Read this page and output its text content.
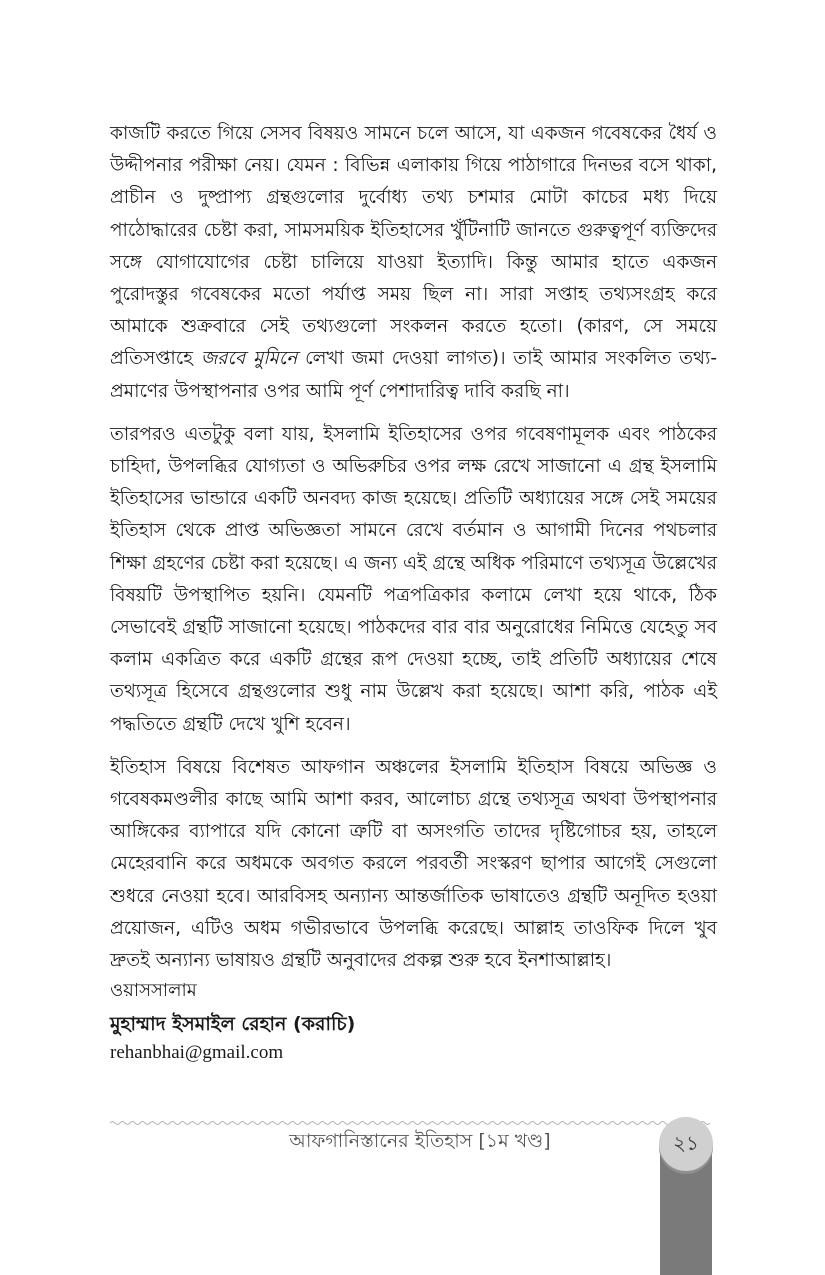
কাজটি করতে গিয়ে সেসব বিষয়ও সামনে চলে আসে, যা একজন গবেষকের ধৈর্য ও উদ্দীপনার পরীক্ষা নেয়। যেমন : বিভিন্ন এলাকায় গিয়ে পাঠাগারে দিনভর বসে থাকা, প্রাচীন ও দুষ্প্রাপ্য গ্রন্থগুলোর দুর্বোধ্য তথ্য চশমার মোটা কাচের মধ্য দিয়ে পাঠোদ্ধারের চেষ্টা করা, সামসময়িক ইতিহাসের খুঁটিনাটি জানতে গুরুত্বপূর্ণ ব্যক্তিদের সঙ্গে যোগাযোগের চেষ্টা চালিয়ে যাওয়া ইত্যাদি। কিন্তু আমার হাতে একজন পুরোদস্তুর গবেষকের মতো পর্যাপ্ত সময় ছিল না। সারা সপ্তাহ তথ্যসংগ্রহ করে আমাকে শুক্রবারে সেই তথ্যগুলো সংকলন করতে হতো। (কারণ, সে সময়ে প্রতিসপ্তাহে জরবে মুমিনে লেখা জমা দেওয়া লাগত)। তাই আমার সংকলিত তথ্য-প্রমাণের উপস্থাপনার ওপর আমি পূর্ণ পেশাদারিত্ব দাবি করছি না।

তারপরও এতটুকু বলা যায়, ইসলামি ইতিহাসের ওপর গবেষণামূলক এবং পাঠকের চাহিদা, উপলব্ধির যোগ্যতা ও অভিরুচির ওপর লক্ষ রেখে সাজানো এ গ্রন্থ ইসলামি ইতিহাসের ভান্ডারে একটি অনবদ্য কাজ হয়েছে। প্রতিটি অধ্যায়ের সঙ্গে সেই সময়ের ইতিহাস থেকে প্রাপ্ত অভিজ্ঞতা সামনে রেখে বর্তমান ও আগামী দিনের পথচলার শিক্ষা গ্রহণের চেষ্টা করা হয়েছে। এ জন্য এই গ্রন্থে অধিক পরিমাণে তথ্যসূত্র উল্লেখের বিষয়টি উপস্থাপিত হয়নি। যেমনটি পত্রপত্রিকার কলামে লেখা হয়ে থাকে, ঠিক সেভাবেই গ্রন্থটি সাজানো হয়েছে। পাঠকদের বার বার অনুরোধের নিমিত্তে যেহেতু সব কলাম একত্রিত করে একটি গ্রন্থের রূপ দেওয়া হচ্ছে, তাই প্রতিটি অধ্যায়ের শেষে তথ্যসূত্র হিসেবে গ্রন্থগুলোর শুধু নাম উল্লেখ করা হয়েছে। আশা করি, পাঠক এই পদ্ধতিতে গ্রন্থটি দেখে খুশি হবেন।

ইতিহাস বিষয়ে বিশেষত আফগান অঞ্চলের ইসলামি ইতিহাস বিষয়ে অভিজ্ঞ ও গবেষকমণ্ডলীর কাছে আমি আশা করব, আলোচ্য গ্রন্থে তথ্যসূত্র অথবা উপস্থাপনার আঙ্গিকের ব্যাপারে যদি কোনো ত্রুটি বা অসংগতি তাদের দৃষ্টিগোচর হয়, তাহলে মেহেরবানি করে অধমকে অবগত করলে পরবর্তী সংস্করণ ছাপার আগেই সেগুলো শুধরে নেওয়া হবে। আরবিসহ অন্যান্য আন্তর্জাতিক ভাষাতেও গ্রন্থটি অনূদিত হওয়া প্রয়োজন, এটিও অধম গভীরভাবে উপলব্ধি করেছে। আল্লাহ তাওফিক দিলে খুব দ্রুতই অন্যান্য ভাষায়ও গ্রন্থটি অনুবাদের প্রকল্প শুরু হবে ইনশাআল্লাহ।

ওয়াসসালাম
মুহাম্মাদ ইসমাইল রেহান (করাচি)
rehanbhai@gmail.com
আফগানিস্তানের ইতিহাস [১ম খণ্ড]	২১
